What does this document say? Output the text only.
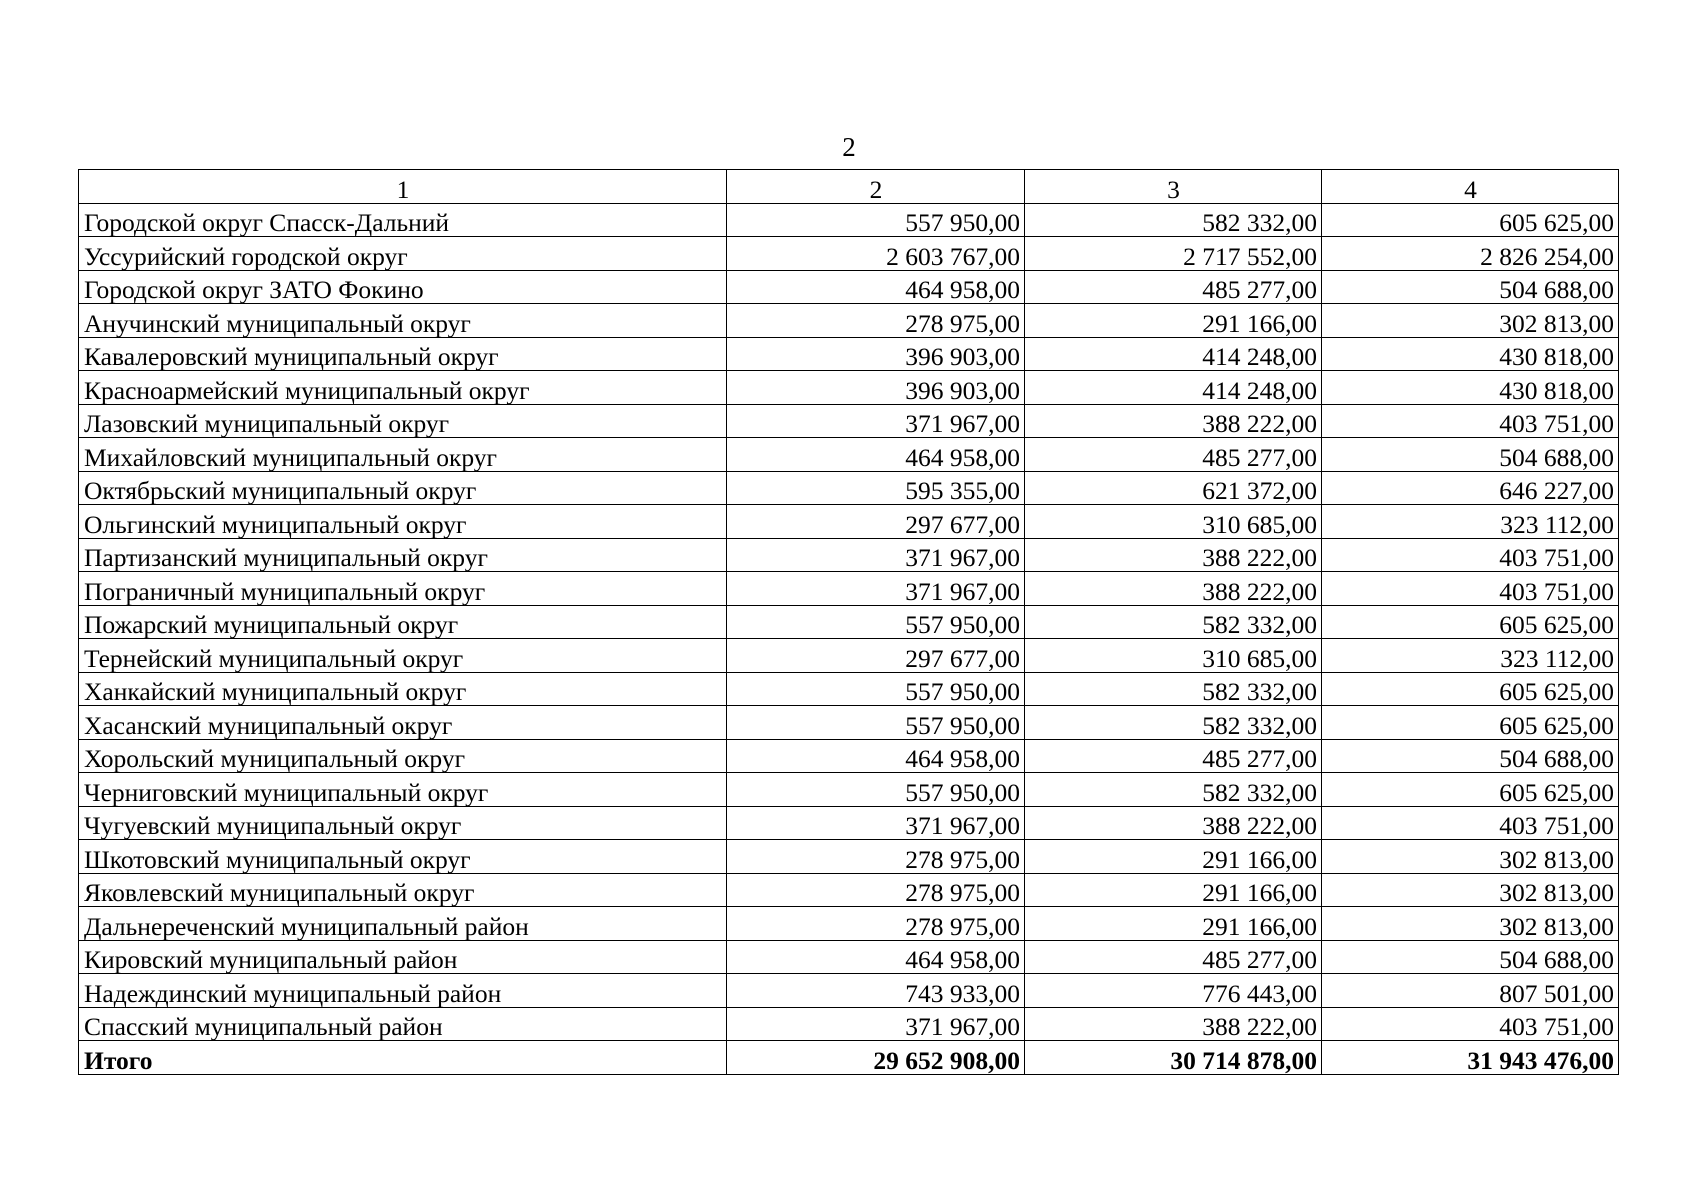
2
1	2	3	4
Городской округ Спасск-Дальний	557 950,00	582 332,00	605 625,00
Уссурийский городской округ	2 603 767,00	2 717 552,00	2 826 254,00
Городской округ ЗАТО Фокино	464 958,00	485 277,00	504 688,00
Анучинский муниципальный округ	278 975,00	291 166,00	302 813,00
Кавалеровский муниципальный округ	396 903,00	414 248,00	430 818,00
Красноармейский муниципальный округ	396 903,00	414 248,00	430 818,00
Лазовский муниципальный округ	371 967,00	388 222,00	403 751,00
Михайловский муниципальный округ	464 958,00	485 277,00	504 688,00
Октябрьский муниципальный округ	595 355,00	621 372,00	646 227,00
Ольгинский муниципальный округ	297 677,00	310 685,00	323 112,00
Партизанский муниципальный округ	371 967,00	388 222,00	403 751,00
Пограничный муниципальный округ	371 967,00	388 222,00	403 751,00
Пожарский муниципальный округ	557 950,00	582 332,00	605 625,00
Тернейский муниципальный округ	297 677,00	310 685,00	323 112,00
Ханкайский муниципальный округ	557 950,00	582 332,00	605 625,00
Хасанский муниципальный округ	557 950,00	582 332,00	605 625,00
Хорольский муниципальный округ	464 958,00	485 277,00	504 688,00
Черниговский муниципальный округ	557 950,00	582 332,00	605 625,00
Чугуевский муниципальный округ	371 967,00	388 222,00	403 751,00
Шкотовский муниципальный округ	278 975,00	291 166,00	302 813,00
Яковлевский муниципальный округ	278 975,00	291 166,00	302 813,00
Дальнереченский муниципальный район	278 975,00	291 166,00	302 813,00
Кировский муниципальный район	464 958,00	485 277,00	504 688,00
Надеждинский муниципальный район	743 933,00	776 443,00	807 501,00
Спасский муниципальный район	371 967,00	388 222,00	403 751,00
Итого	29 652 908,00	30 714 878,00	31 943 476,00
